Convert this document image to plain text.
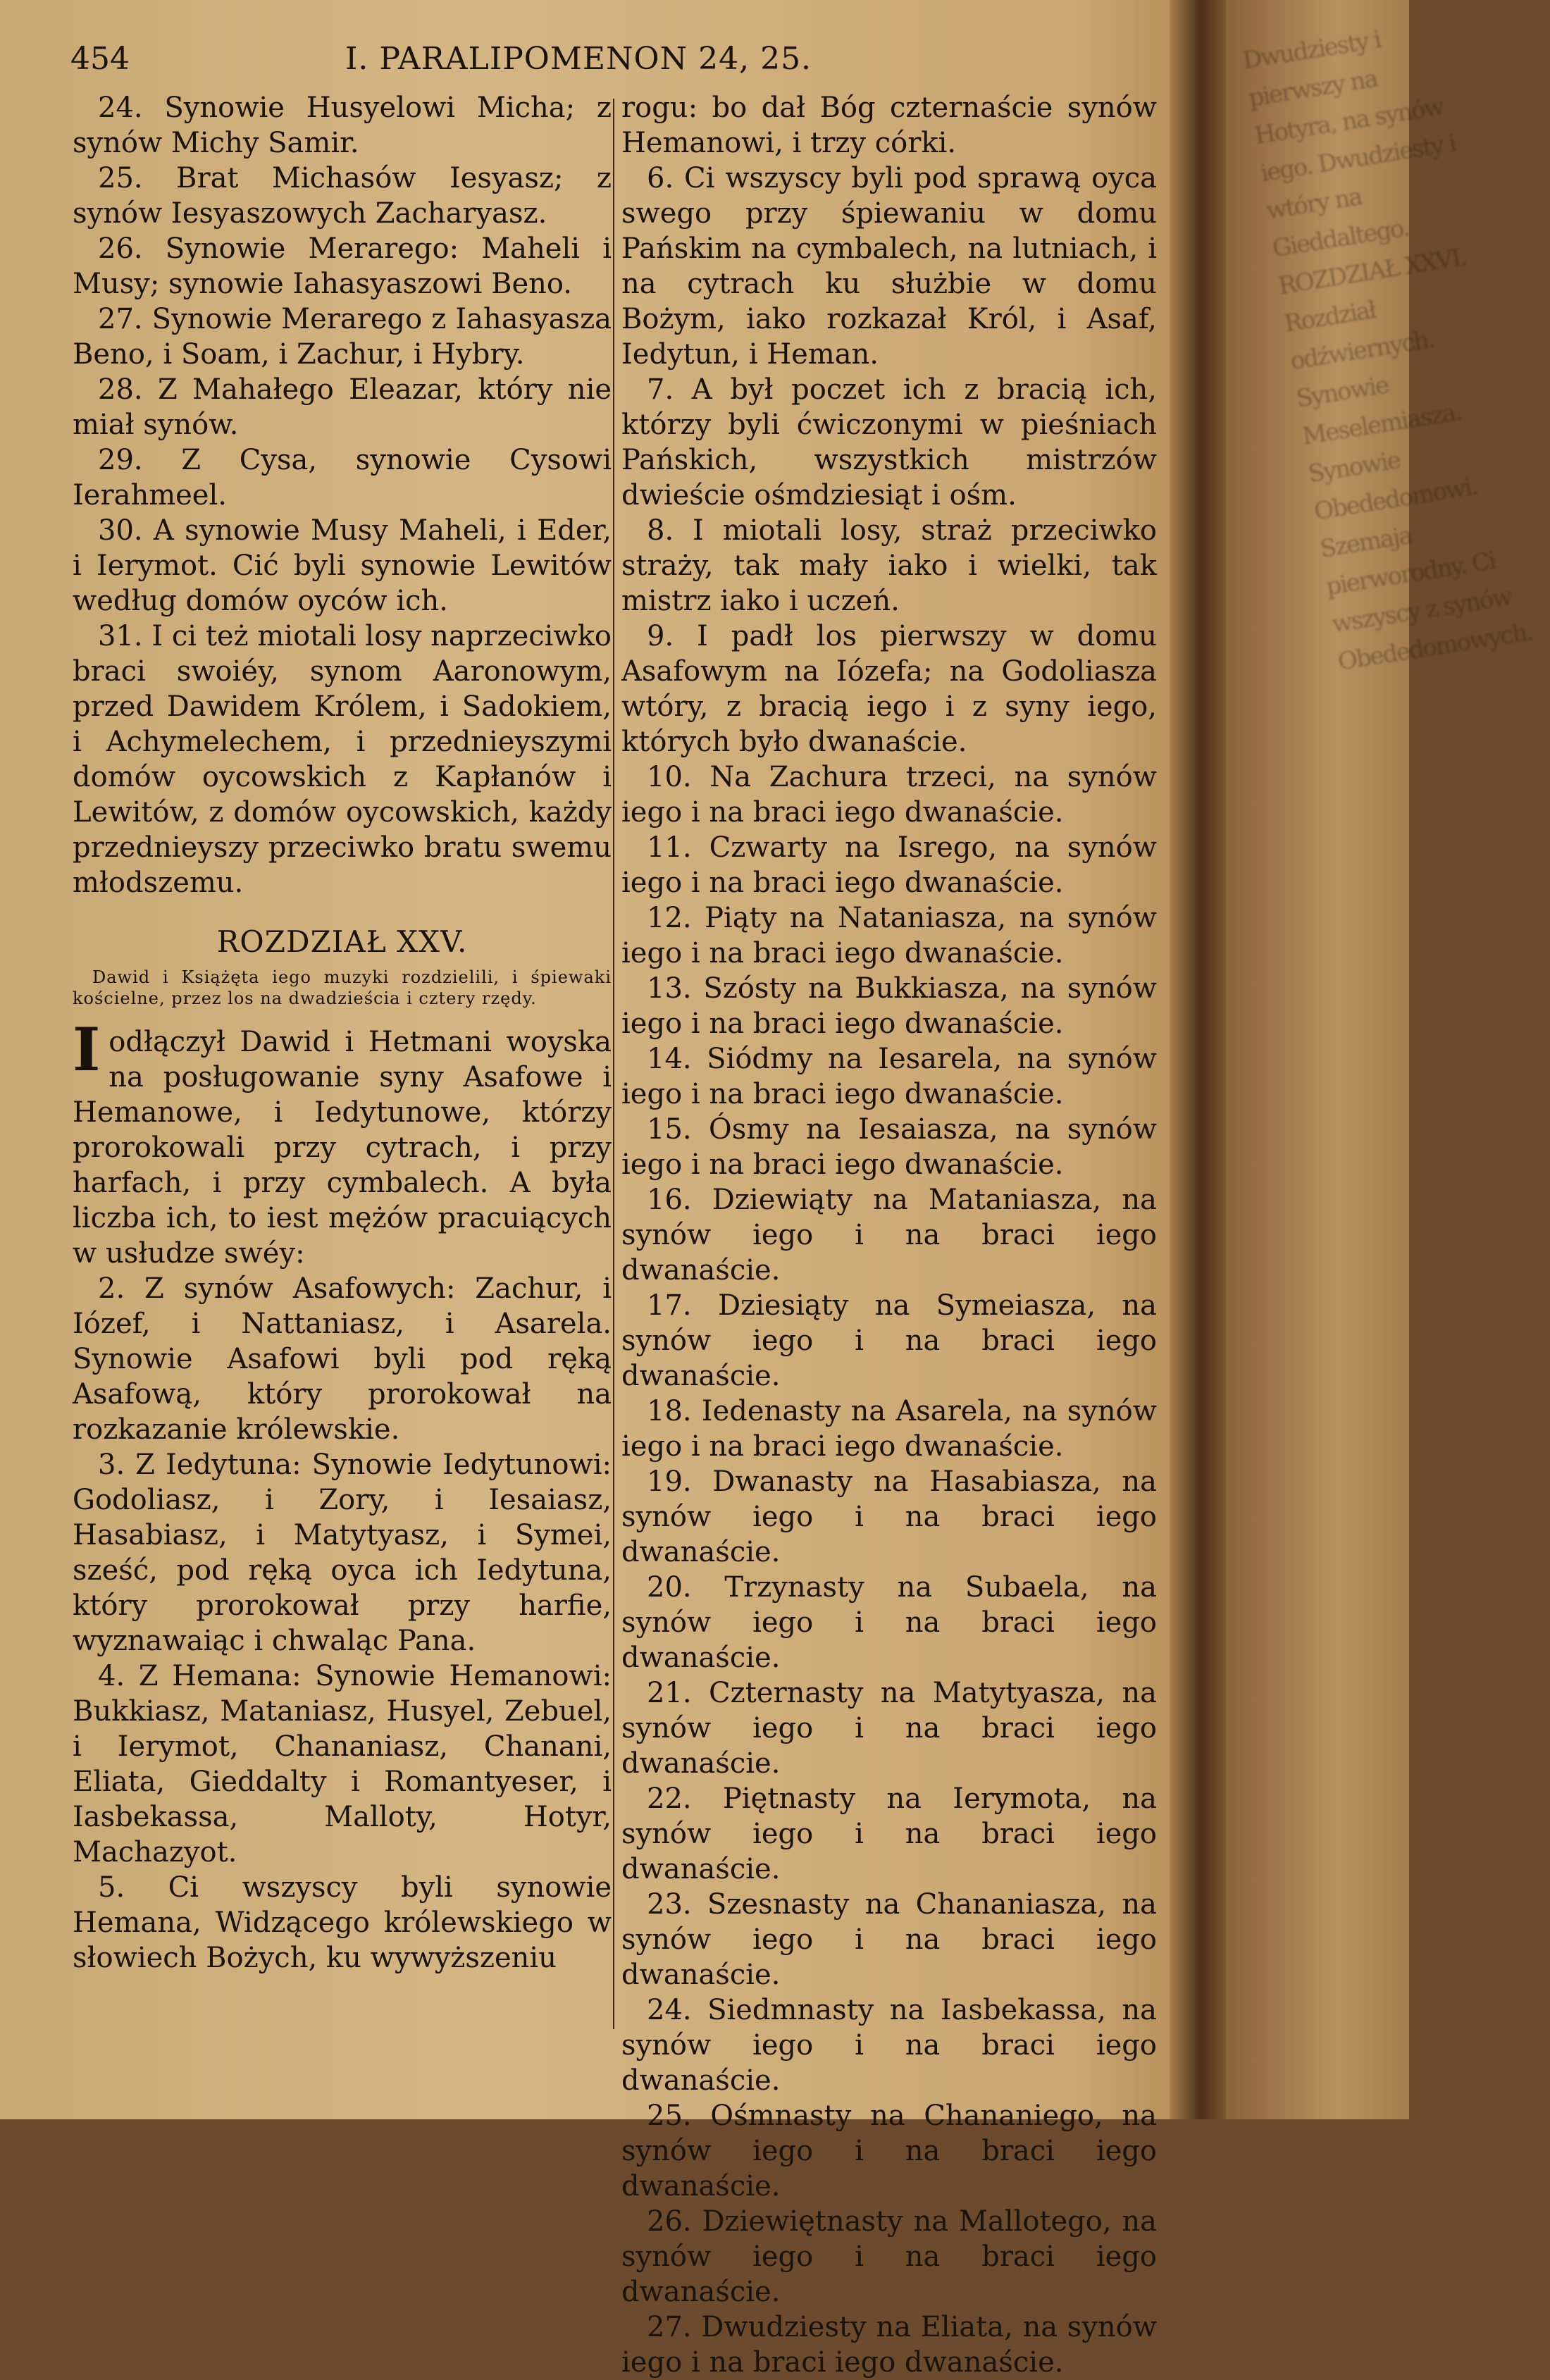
454	I. PARALIPOMENON 24, 25.

24. Synowie Husyelowi Micha; z synów Michy Samir.

25. Brat Michasów Iesyasz; z synów Iesyaszowych Zacharyasz.

26. Synowie Merarego: Maheli i Musy; synowie Iahasyaszowi Beno.

27. Synowie Merarego z Iahasyasza Beno, i Soam, i Zachur, i Hybry.

28. Z Mahałego Eleazar, który nie miał synów.

29. Z Cysa, synowie Cysowi Ierahmeel.

30. A synowie Musy Maheli, i Eder, i Ierymot. Cić byli synowie Lewitów według domów oyców ich.

31. I ci też miotali losy naprzeciwko braci swoiéy, synom Aaronowym, przed Dawidem Królem, i Sadokiem, i Achymelechem, i przednieyszymi domów oycowskich z Kapłanów i Lewitów, z domów oycowskich, każdy przednieyszy przeciwko bratu swemu młodszemu.

ROZDZIAŁ XXV.

Dawid i Książęta iego muzyki rozdzielili, i śpiewaki kościelne, przez los na dwadzieścia i cztery rzędy.

I odłączył Dawid i Hetmani woyska na posługowanie syny Asafowe i Hemanowe, i Iedytunowe, którzy prorokowali przy cytrach, i przy harfach, i przy cymbalech. A była liczba ich, to iest mężów pracuiących w usłudze swéy:

2. Z synów Asafowych: Zachur, i Iózef, i Nattaniasz, i Asarela. Synowie Asafowi byli pod ręką Asafową, który prorokował na rozkazanie królewskie.

3. Z Iedytuna: Synowie Iedytunowi: Godoliasz, i Zory, i Iesaiasz, Hasabiasz, i Matytyasz, i Symei, sześć, pod ręką oyca ich Iedytuna, który prorokował przy harfie, wyznawaiąc i chwaląc Pana.

4. Z Hemana: Synowie Hemanowi: Bukkiasz, Mataniasz, Husyel, Zebuel, i Ierymot, Chananiasz, Chanani, Eliata, Gieddalty i Romantyeser, i Iasbekassa, Malloty, Hotyr, Machazyot.

5. Ci wszyscy byli synowie Hemana, Widzącego królewskiego w słowiech Bożych, ku wywyższeniu

rogu: bo dał Bóg czternaście synów Hemanowi, i trzy córki.

6. Ci wszyscy byli pod sprawą oyca swego przy śpiewaniu w domu Pańskim na cymbalech, na lutniach, i na cytrach ku służbie w domu Bożym, iako rozkazał Król, i Asaf, Iedytun, i Heman.

7. A był poczet ich z bracią ich, którzy byli ćwiczonymi w pieśniach Pańskich, wszystkich mistrzów dwieście ośmdziesiąt i ośm.

8. I miotali losy, straż przeciwko straży, tak mały iako i wielki, tak mistrz iako i uczeń.

9. I padł los pierwszy w domu Asafowym na Iózefa; na Godoliasza wtóry, z bracią iego i z syny iego, których było dwanaście.

10. Na Zachura trzeci, na synów iego i na braci iego dwanaście.

11. Czwarty na Isrego, na synów iego i na braci iego dwanaście.

12. Piąty na Nataniasza, na synów iego i na braci iego dwanaście.

13. Szósty na Bukkiasza, na synów iego i na braci iego dwanaście.

14. Siódmy na Iesarela, na synów iego i na braci iego dwanaście.

15. Ósmy na Iesaiasza, na synów iego i na braci iego dwanaście.

16. Dziewiąty na Mataniasza, na synów iego i na braci iego dwanaście.

17. Dziesiąty na Symeiasza, na synów iego i na braci iego dwanaście.

18. Iedenasty na Asarela, na synów iego i na braci iego dwanaście.

19. Dwanasty na Hasabiasza, na synów iego i na braci iego dwanaście.

20. Trzynasty na Subaela, na synów iego i na braci iego dwanaście.

21. Czternasty na Matytyasza, na synów iego i na braci iego dwanaście.

22. Piętnasty na Ierymota, na synów iego i na braci iego dwanaście.

23. Szesnasty na Chananiasza, na synów iego i na braci iego dwanaście.

24. Siedmnasty na Iasbekassa, na synów iego i na braci iego dwanaście.

25. Ośmnasty na Chananiego, na synów iego i na braci iego dwanaście.

26. Dziewiętnasty na Mallotego, na synów iego i na braci iego dwanaście.

27. Dwudziesty na Eliata, na synów iego i na braci iego dwanaście.

Dwudziesty i pierwszy na Hotyra, na synów iego. Dwudziesty i wtóry na Gieddaltego. ROZDZIAŁ XXVI. Rozdział odźwiernych. Synowie Meselemiasza. Synowie Obededomowi. Szemaja pierworodny. Ci wszyscy z synów Obededomowych.
